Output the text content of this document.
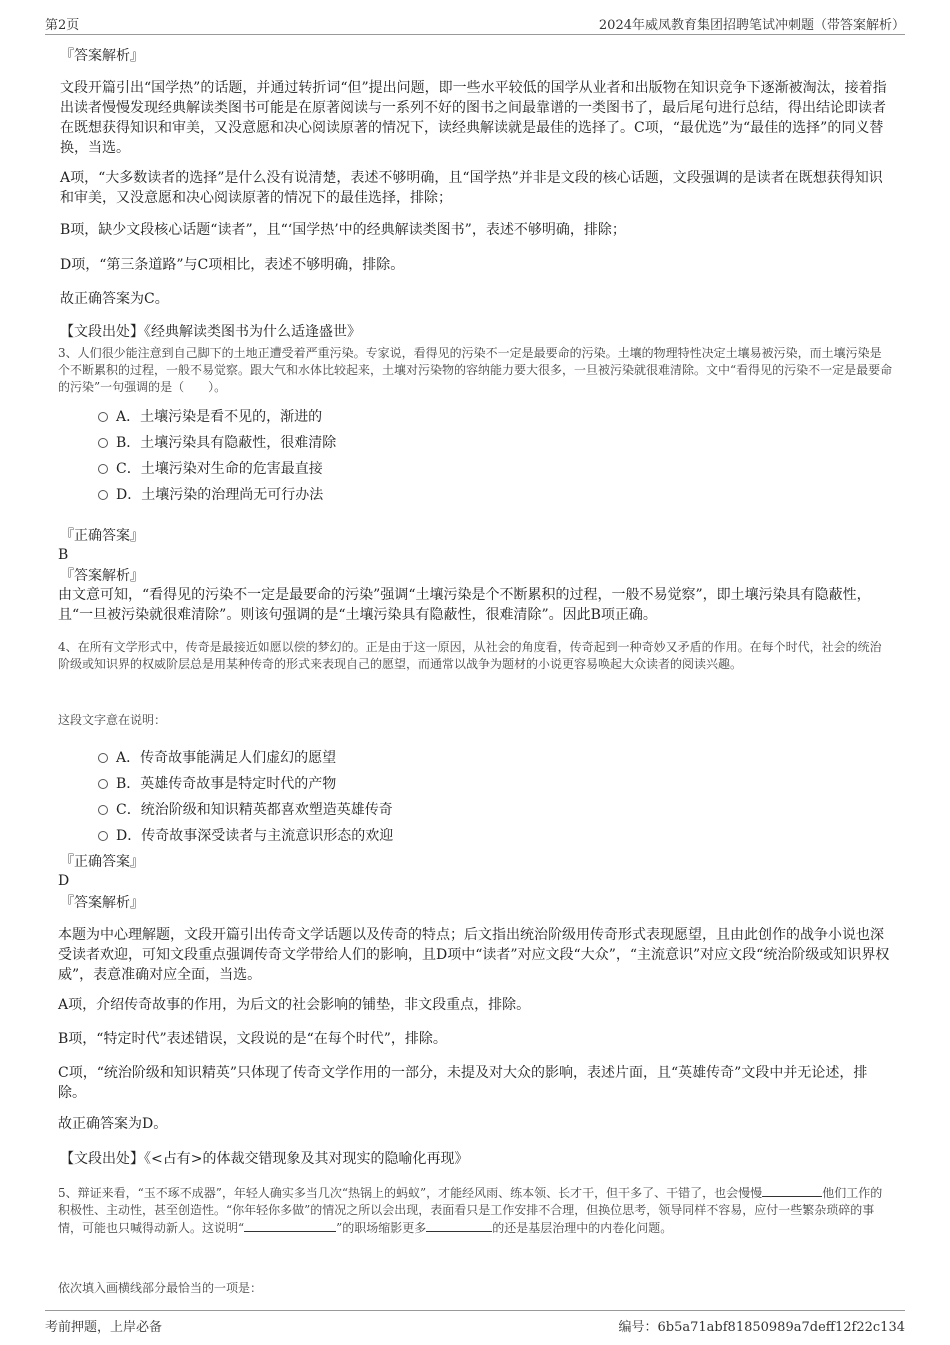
第2页	2024年威凤教育集团招聘笔试冲刺题（带答案解析）
『答案解析』
文段开篇引出“国学热”的话题，并通过转折词“但”提出问题，即一些水平较低的国学从业者和出版物在知识竞争下逐渐被淘汰，接着指出读者慢慢发现经典解读类图书可能是在原著阅读与一系列不好的图书之间最靠谱的一类图书了，最后尾句进行总结，得出结论即读者在既想获得知识和审美，又没意愿和决心阅读原著的情况下，读经典解读就是最佳的选择了。C项，“最优选”为“最佳的选择”的同义替换，当选。
A项，“大多数读者的选择”是什么没有说清楚，表述不够明确，且“国学热”并非是文段的核心话题，文段强调的是读者在既想获得知识和审美，又没意愿和决心阅读原著的情况下的最佳选择，排除；
B项，缺少文段核心话题“读者”，且“‘国学热’中的经典解读类图书”，表述不够明确，排除；
D项，“第三条道路”与C项相比，表述不够明确，排除。
故正确答案为C。
【文段出处】《经典解读类图书为什么适逢盛世》
3、人们很少能注意到自己脚下的土地正遭受着严重污染。专家说，看得见的污染不一定是最要命的污染。土壤的物理特性决定土壤易被污染，而土壤污染是个不断累积的过程，一般不易觉察。跟大气和水体比较起来，土壤对污染物的容纳能力要大很多，一旦被污染就很难清除。文中“看得见的污染不一定是最要命的污染”一句强调的是（　　）。
A．土壤污染是看不见的，渐进的
B．土壤污染具有隐蔽性，很难清除
C．土壤污染对生命的危害最直接
D．土壤污染的治理尚无可行办法
『正确答案』
B
『答案解析』
由文意可知，“看得见的污染不一定是最要命的污染”强调“土壤污染是个不断累积的过程，一般不易觉察”，即土壤污染具有隐蔽性，且“一旦被污染就很难清除”。则该句强调的是“土壤污染具有隐蔽性，很难清除”。因此B项正确。
4、在所有文学形式中，传奇是最接近如愿以偿的梦幻的。正是由于这一原因，从社会的角度看，传奇起到一种奇妙又矛盾的作用。在每个时代，社会的统治阶级或知识界的权威阶层总是用某种传奇的形式来表现自己的愿望，而通常以战争为题材的小说更容易唤起大众读者的阅读兴趣。
这段文字意在说明：
A．传奇故事能满足人们虚幻的愿望
B．英雄传奇故事是特定时代的产物
C．统治阶级和知识精英都喜欢塑造英雄传奇
D．传奇故事深受读者与主流意识形态的欢迎
『正确答案』
D
『答案解析』
本题为中心理解题，文段开篇引出传奇文学话题以及传奇的特点；后文指出统治阶级用传奇形式表现愿望，且由此创作的战争小说也深受读者欢迎，可知文段重点强调传奇文学带给人们的影响，且D项中“读者”对应文段“大众”，“主流意识”对应文段“统治阶级或知识界权威”，表意准确对应全面，当选。
A项，介绍传奇故事的作用，为后文的社会影响的铺垫，非文段重点，排除。
B项，“特定时代”表述错误，文段说的是“在每个时代”，排除。
C项，“统治阶级和知识精英”只体现了传奇文学作用的一部分，未提及对大众的影响，表述片面，且“英雄传奇”文段中并无论述，排除。
故正确答案为D。
【文段出处】《<占有>的体裁交错现象及其对现实的隐喻化再现》
5、辩证来看，“玉不琢不成器”，年轻人确实多当几次“热锅上的蚂蚁”，才能经风雨、练本领、长才干，但干多了、干错了，也会慢慢	他们工作的积极性、主动性，甚至创造性。“你年轻你多做”的情况之所以会出现，表面看只是工作安排不合理，但换位思考，领导同样不容易，应付一些繁杂琐碎的事情，可能也只喊得动新人。这说明“	”的职场缩影更多	的还是基层治理中的内卷化问题。
依次填入画横线部分最恰当的一项是：
考前押题，上岸必备	编号：6b5a71abf81850989a7deff12f22c134
